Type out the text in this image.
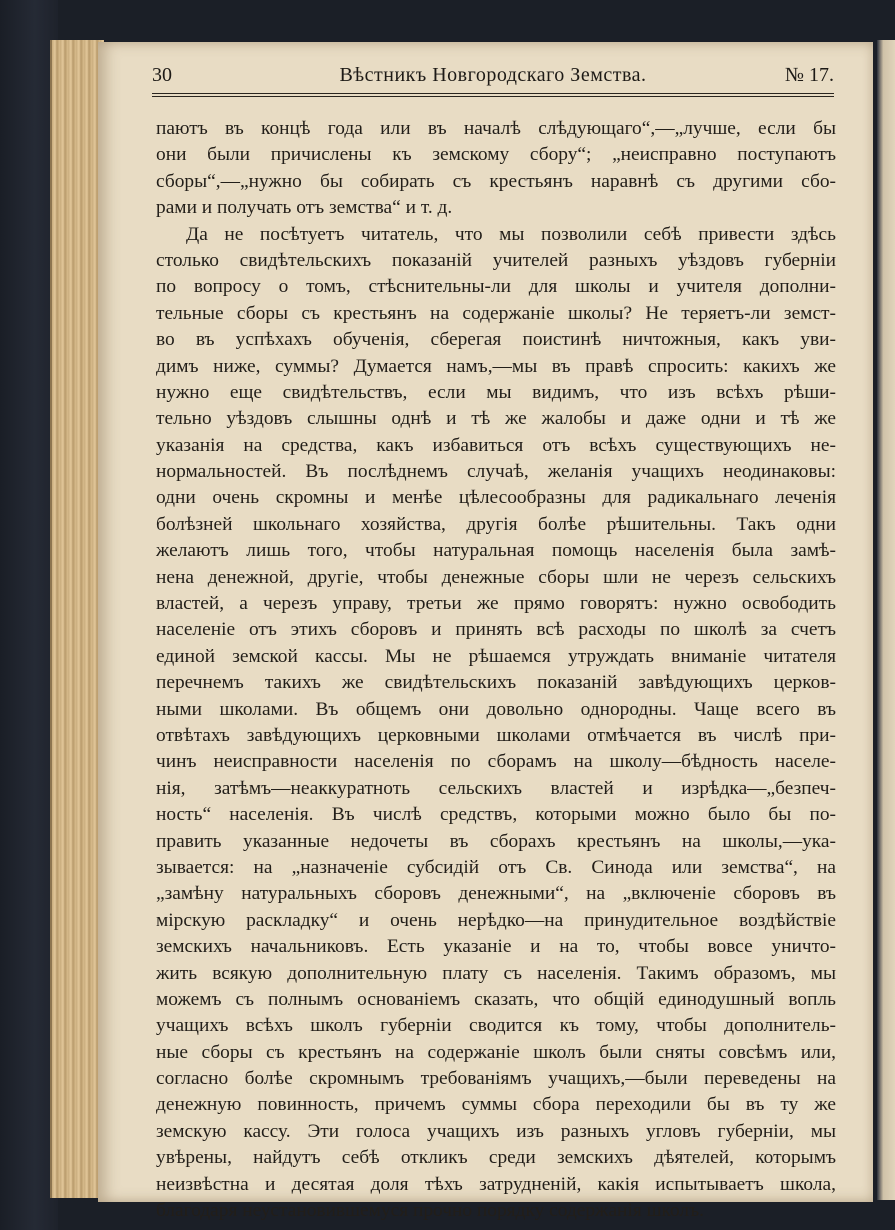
30	Вѣстникъ Новгородскаго Земства.	№ 17.
паютъ въ концѣ года или въ началѣ слѣдующаго“,—„лучше, если бы
они были причислены къ земскому сбору“; „неисправно поступаютъ
сборы“,—„нужно бы собирать съ крестьянъ наравнѣ съ другими сбо-
рами и получать отъ земства“ и т. д.
Да не посѣтуетъ читатель, что мы позволили себѣ привести здѣсь
столько свидѣтельскихъ показаній учителей разныхъ уѣздовъ губерніи
по вопросу о томъ, стѣснительны-ли для школы и учителя дополни-
тельные сборы съ крестьянъ на содержаніе школы? Не теряетъ-ли земст-
во въ успѣхахъ обученія, сберегая поистинѣ ничтожныя, какъ уви-
димъ ниже, суммы? Думается намъ,—мы въ правѣ спросить: какихъ же
нужно еще свидѣтельствъ, если мы видимъ, что изъ всѣхъ рѣши-
тельно уѣздовъ слышны однѣ и тѣ же жалобы и даже одни и тѣ же
указанія на средства, какъ избавиться отъ всѣхъ существующихъ не-
нормальностей. Въ послѣднемъ случаѣ, желанія учащихъ неодинаковы:
одни очень скромны и менѣе цѣлесообразны для радикальнаго леченія
болѣзней школьнаго хозяйства, другія болѣе рѣшительны. Такъ одни
желаютъ лишь того, чтобы натуральная помощь населенія была замѣ-
нена денежной, другіе, чтобы денежные сборы шли не черезъ сельскихъ
властей, а черезъ управу, третьи же прямо говорятъ: нужно освободить
населеніе отъ этихъ сборовъ и принять всѣ расходы по школѣ за счетъ
единой земской кассы. Мы не рѣшаемся утруждать вниманіе читателя
перечнемъ такихъ же свидѣтельскихъ показаній завѣдующихъ церков-
ными школами. Въ общемъ они довольно однородны. Чаще всего въ
отвѣтахъ завѣдующихъ церковными школами отмѣчается въ числѣ при-
чинъ неисправности населенія по сборамъ на школу—бѣдность населе-
нія, затѣмъ—неаккуратноть сельскихъ властей и изрѣдка—„безпеч-
ность“ населенія. Въ числѣ средствъ, которыми можно было бы по-
править указанные недочеты въ сборахъ крестьянъ на школы,—ука-
зывается: на „назначеніе субсидій отъ Св. Синода или земства“, на
„замѣну натуральныхъ сборовъ денежными“, на „включеніе сборовъ въ
мірскую раскладку“ и очень нерѣдко—на принудительное воздѣйствіе
земскихъ начальниковъ. Есть указаніе и на то, чтобы вовсе уничто-
жить всякую дополнительную плату съ населенія. Такимъ образомъ, мы
можемъ съ полнымъ основаніемъ сказать, что общій единодушный вопль
учащихъ всѣхъ школъ губерніи сводится къ тому, чтобы дополнитель-
ные сборы съ крестьянъ на содержаніе школъ были сняты совсѣмъ или,
согласно болѣе скромнымъ требованіямъ учащихъ,—были переведены на
денежную повинность, причемъ суммы сбора переходили бы въ ту же
земскую кассу. Эти голоса учащихъ изъ разныхъ угловъ губерніи, мы
увѣрены, найдутъ себѣ откликъ среди земскихъ дѣятелей, которымъ
неизвѣстна и десятая доля тѣхъ затрудненій, какія испытываетъ школа,
благодаря неустановившемуся прочно порядку содержанія школъ.
